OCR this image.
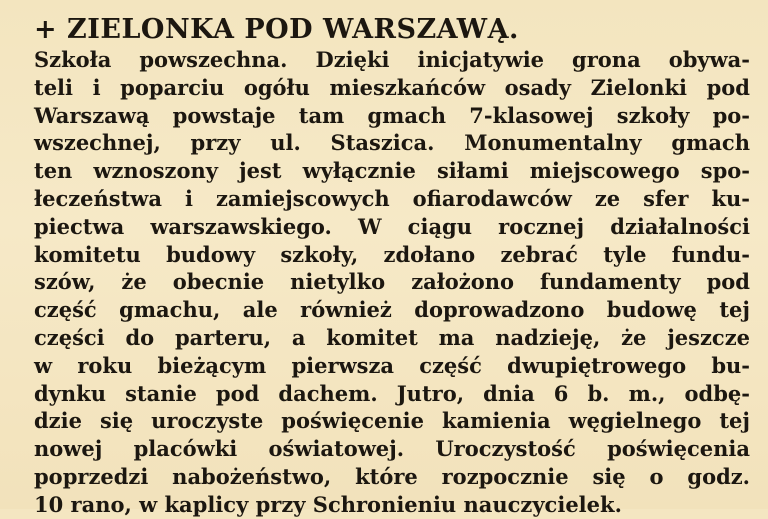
+ ZIELONKA POD WARSZAWĄ.
Szkoła powszechna. Dzięki inicjatywie grona obywa-
teli i poparciu ogółu mieszkańców osady Zielonki pod
Warszawą powstaje tam gmach 7-klasowej szkoły po-
wszechnej, przy ul. Staszica. Monumentalny gmach
ten wznoszony jest wyłącznie siłami miejscowego spo-
łeczeństwa i zamiejscowych ofiarodawców ze sfer ku-
piectwa warszawskiego. W ciągu rocznej działalności
komitetu budowy szkoły, zdołano zebrać tyle fundu-
szów, że obecnie nietylko założono fundamenty pod
część gmachu, ale również doprowadzono budowę tej
części do parteru, a komitet ma nadzieję, że jeszcze
w roku bieżącym pierwsza część dwupiętrowego bu-
dynku stanie pod dachem. Jutro, dnia 6 b. m., odbę-
dzie się uroczyste poświęcenie kamienia węgielnego tej
nowej placówki oświatowej. Uroczystość poświęcenia
poprzedzi nabożeństwo, które rozpocznie się o godz.
10 rano, w kaplicy przy Schronieniu nauczycielek.
